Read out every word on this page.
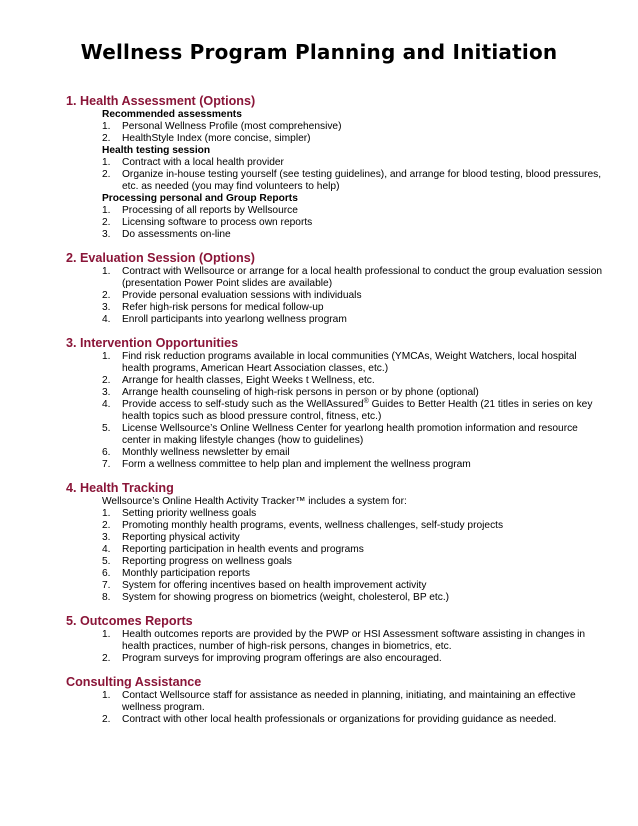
Wellness Program Planning and Initiation

1. Health Assessment (Options)

Recommended assessments

1. Personal Wellness Profile (most comprehensive)
2. HealthStyle Index (more concise, simpler)

Health testing session

1. Contract with a local health provider
2. Organize in-house testing yourself (see testing guidelines), and arrange for blood testing, blood pressures, etc. as needed (you may find volunteers to help)

Processing personal and Group Reports

1. Processing of all reports by Wellsource
2. Licensing software to process own reports
3. Do assessments on-line

2. Evaluation Session (Options)

1. Contract with Wellsource or arrange for a local health professional to conduct the group evaluation session (presentation Power Point slides are available)
2. Provide personal evaluation sessions with individuals
3. Refer high-risk persons for medical follow-up
4. Enroll participants into yearlong wellness program

3. Intervention Opportunities

1. Find risk reduction programs available in local communities (YMCAs, Weight Watchers, local hospital health programs, American Heart Association classes, etc.)
2. Arrange for health classes, Eight Weeks t Wellness, etc.
3. Arrange health counseling of high-risk persons in person or by phone (optional)
4. Provide access to self-study such as the WellAssured® Guides to Better Health (21 titles in series on key health topics such as blood pressure control, fitness, etc.)
5. License Wellsource’s Online Wellness Center for yearlong health promotion information and resource center in making lifestyle changes (how to guidelines)
6. Monthly wellness newsletter by email
7. Form a wellness committee to help plan and implement the wellness program

4. Health Tracking

Wellsource’s Online Health Activity Tracker™ includes a system for:

1. Setting priority wellness goals
2. Promoting monthly health programs, events, wellness challenges, self-study projects
3. Reporting physical activity
4. Reporting participation in health events and programs
5. Reporting progress on wellness goals
6. Monthly participation reports
7. System for offering incentives based on health improvement activity
8. System for showing progress on biometrics (weight, cholesterol, BP etc.)

5. Outcomes Reports

1. Health outcomes reports are provided by the PWP or HSI Assessment software assisting in changes in health practices, number of high-risk persons, changes in biometrics, etc.
2. Program surveys for improving program offerings are also encouraged.

Consulting Assistance

1. Contact Wellsource staff for assistance as needed in planning, initiating, and maintaining an effective wellness program.
2. Contract with other local health professionals or organizations for providing guidance as needed.
